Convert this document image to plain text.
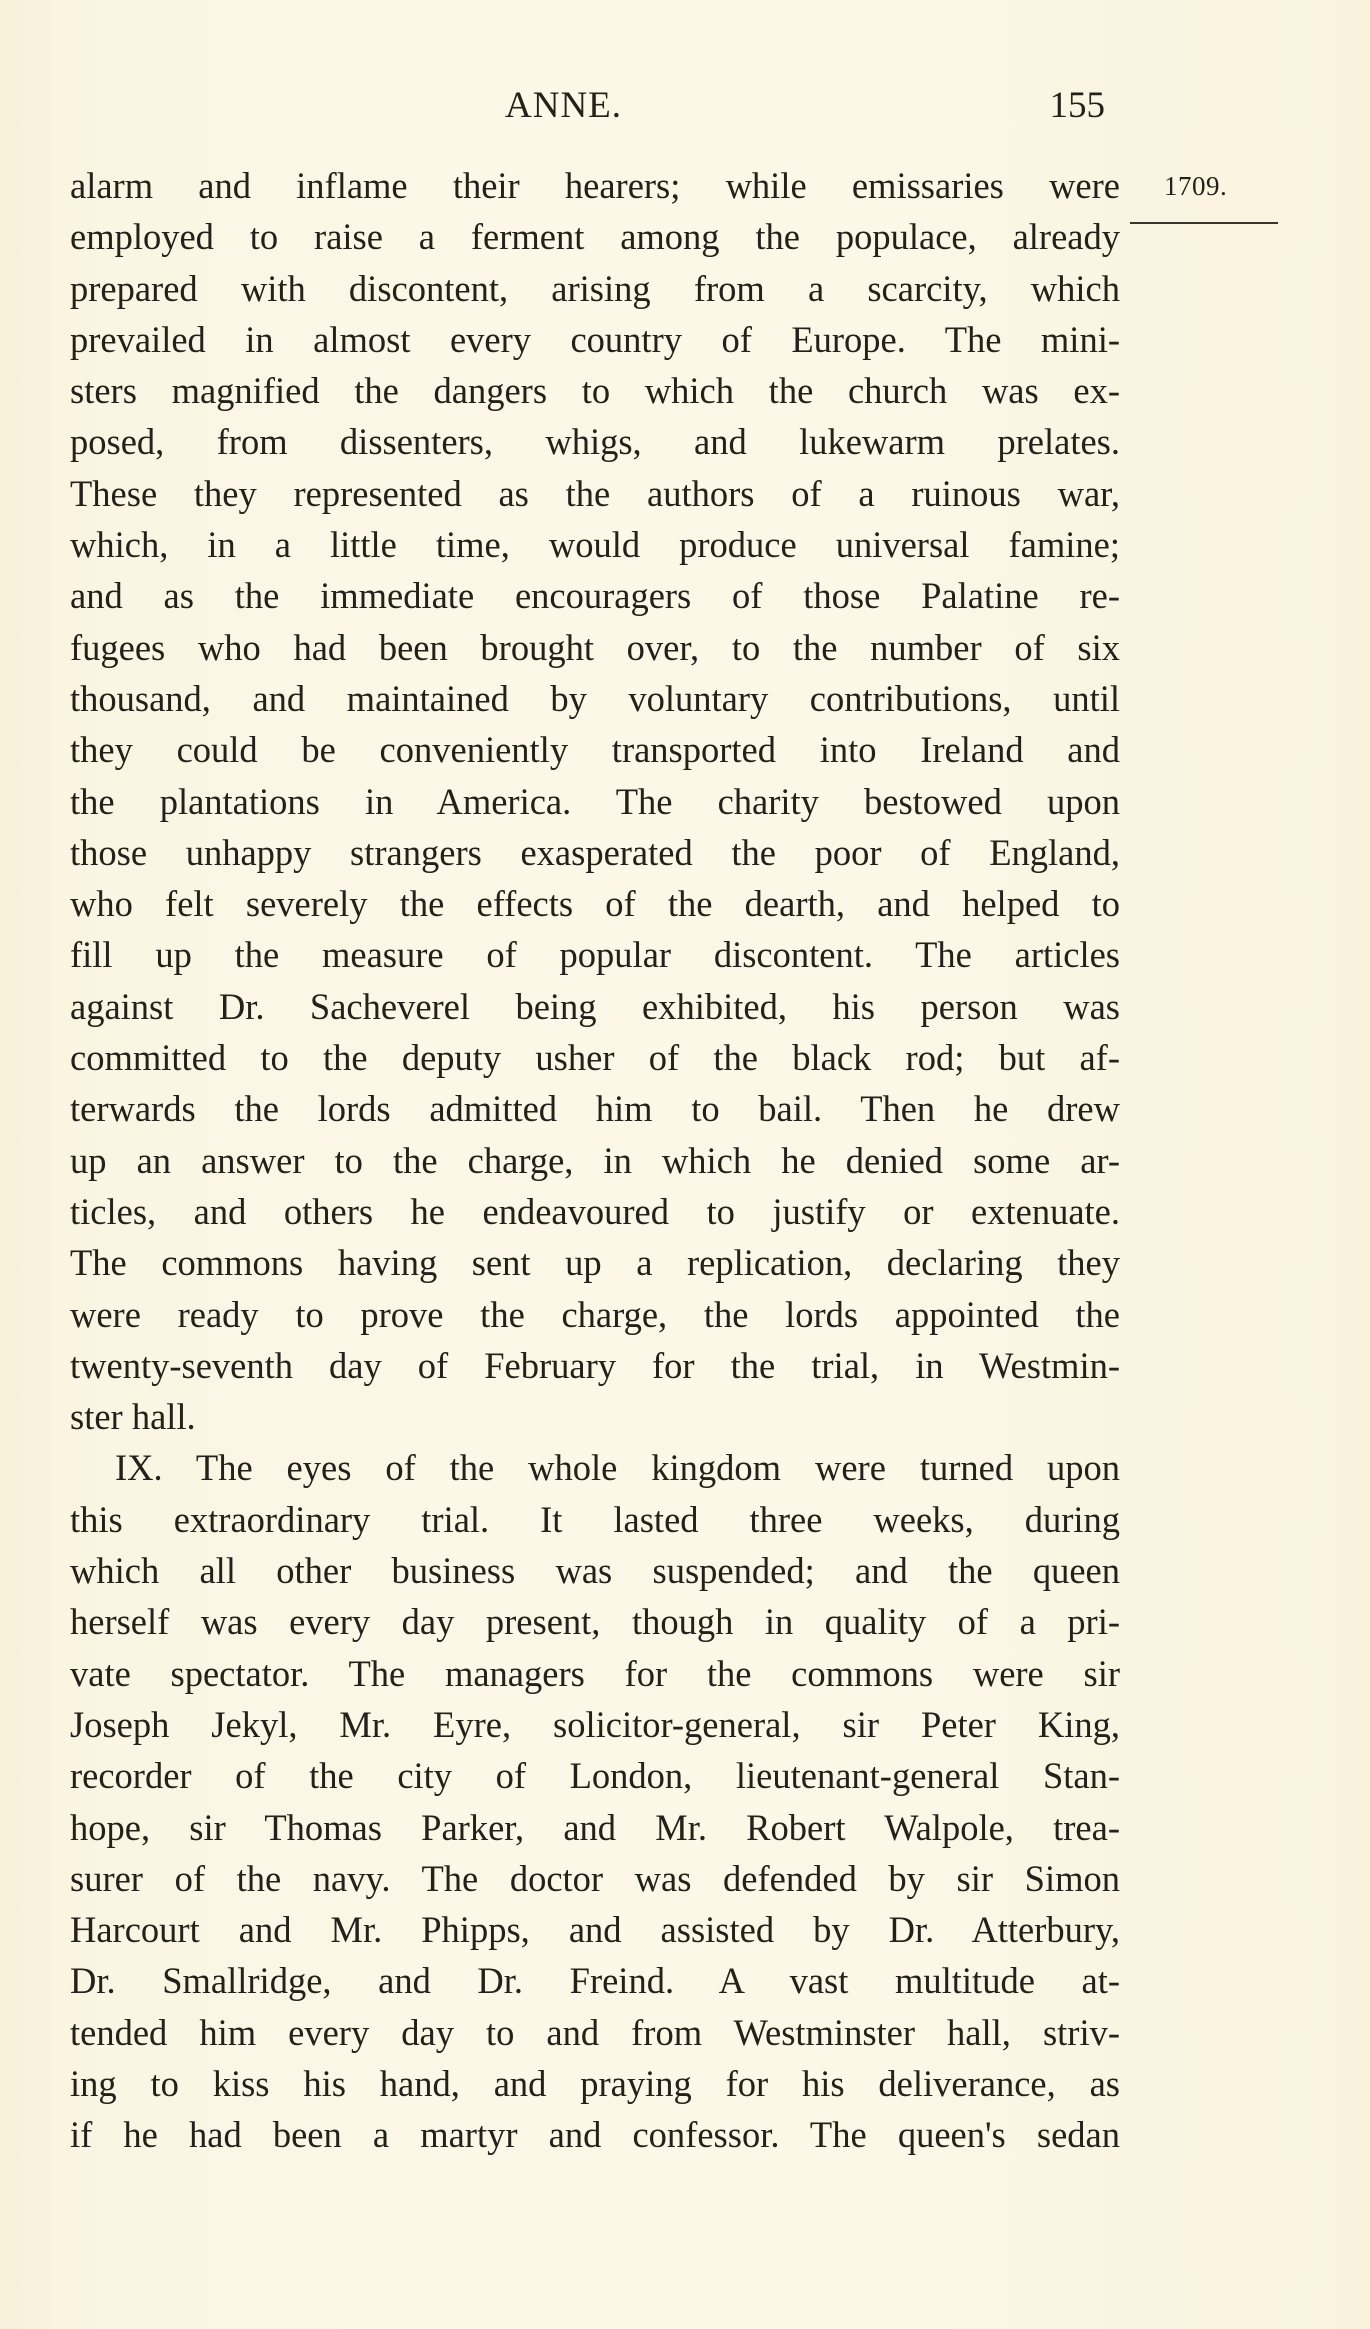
ANNE.	155
1709.
alarm and inflame their hearers; while emissaries were
employed to raise a ferment among the populace, already
prepared with discontent, arising from a scarcity, which
prevailed in almost every country of Europe. The mini-
sters magnified the dangers to which the church was ex-
posed, from dissenters, whigs, and lukewarm prelates.
These they represented as the authors of a ruinous war,
which, in a little time, would produce universal famine;
and as the immediate encouragers of those Palatine re-
fugees who had been brought over, to the number of six
thousand, and maintained by voluntary contributions, until
they could be conveniently transported into Ireland and
the plantations in America. The charity bestowed upon
those unhappy strangers exasperated the poor of England,
who felt severely the effects of the dearth, and helped to
fill up the measure of popular discontent. The articles
against Dr. Sacheverel being exhibited, his person was
committed to the deputy usher of the black rod; but af-
terwards the lords admitted him to bail. Then he drew
up an answer to the charge, in which he denied some ar-
ticles, and others he endeavoured to justify or extenuate.
The commons having sent up a replication, declaring they
were ready to prove the charge, the lords appointed the
twenty-seventh day of February for the trial, in Westmin-
ster hall.
IX. The eyes of the whole kingdom were turned upon
this extraordinary trial. It lasted three weeks, during
which all other business was suspended; and the queen
herself was every day present, though in quality of a pri-
vate spectator. The managers for the commons were sir
Joseph Jekyl, Mr. Eyre, solicitor-general, sir Peter King,
recorder of the city of London, lieutenant-general Stan-
hope, sir Thomas Parker, and Mr. Robert Walpole, trea-
surer of the navy. The doctor was defended by sir Simon
Harcourt and Mr. Phipps, and assisted by Dr. Atterbury,
Dr. Smallridge, and Dr. Freind. A vast multitude at-
tended him every day to and from Westminster hall, striv-
ing to kiss his hand, and praying for his deliverance, as
if he had been a martyr and confessor. The queen's sedan
